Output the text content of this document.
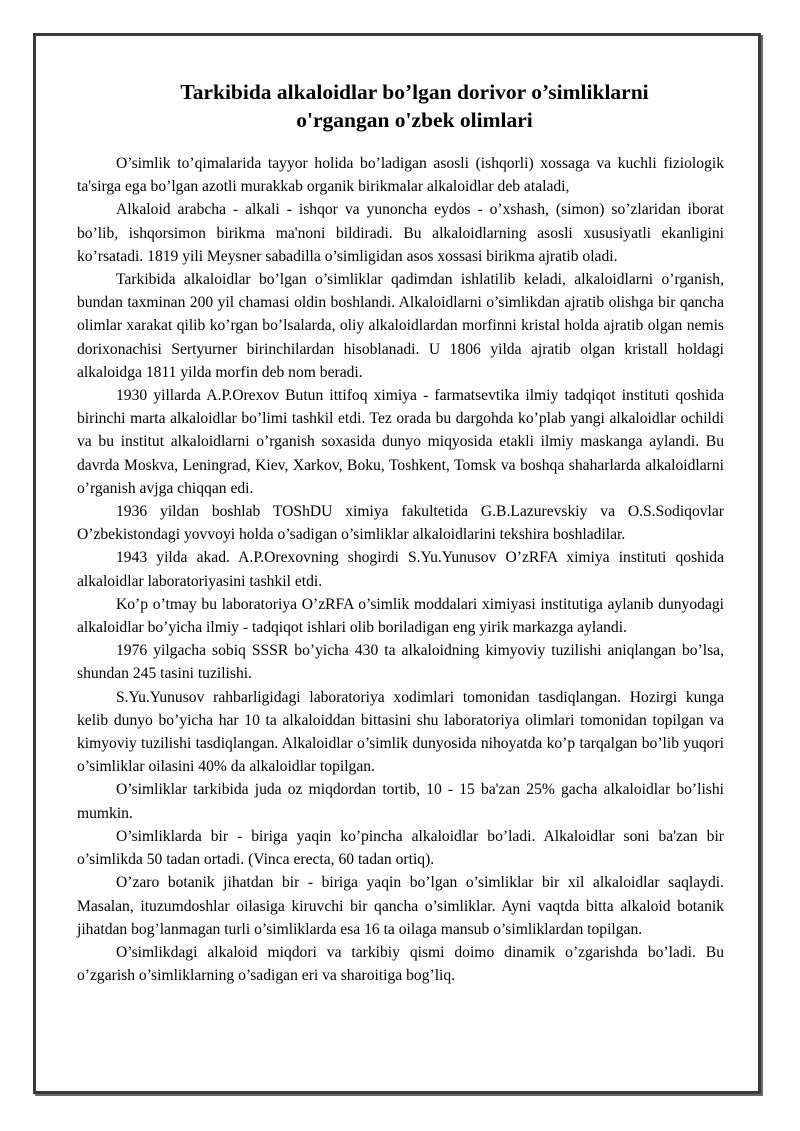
Tarkibida alkaloidlar bo’lgan dorivor o’simliklarni
o'rgangan o'zbek olimlari

O’simlik to’qimalarida tayyor holida bo’ladigan asosli (ishqorli) xossaga va kuchli fiziologik ta'sirga ega bo’lgan azotli murakkab organik birikmalar alkaloidlar deb ataladi,

Alkaloid arabcha - alkali - ishqor va yunoncha eydos - o’xshash, (simon) so’zlaridan iborat bo’lib, ishqorsimon birikma ma'noni bildiradi. Bu alkaloidlarning asosli xususiyatli ekanligini ko’rsatadi. 1819 yili Meysner sabadilla o’simligidan asos xossasi birikma ajratib oladi.

Tarkibida alkaloidlar bo’lgan o’simliklar qadimdan ishlatilib keladi, alkaloidlarni o’rganish, bundan taxminan 200 yil chamasi oldin boshlandi. Alkaloidlarni o’simlikdan ajratib olishga bir qancha olimlar xarakat qilib ko’rgan bo’lsalarda, oliy alkaloidlardan morfinni kristal holda ajratib olgan nemis dorixonachisi Sertyurner birinchilardan hisoblanadi. U 1806 yilda ajratib olgan kristall holdagi alkaloidga 1811 yilda morfin deb nom beradi.

1930 yillarda A.P.Orexov Butun ittifoq ximiya - farmatsevtika ilmiy tadqiqot instituti qoshida birinchi marta alkaloidlar bo’limi tashkil etdi. Tez orada bu dargohda ko’plab yangi alkaloidlar ochildi va bu institut alkaloidlarni o’rganish soxasida dunyo miqyosida etakli ilmiy maskanga aylandi. Bu davrda Moskva, Leningrad, Kiev, Xarkov, Boku, Toshkent, Tomsk va boshqa shaharlarda alkaloidlarni o’rganish avjga chiqqan edi.

1936 yildan boshlab TOShDU ximiya fakultetida G.B.Lazurevskiy va O.S.Sodiqovlar O’zbekistondagi yovvoyi holda o’sadigan o’simliklar alkaloidlarini tekshira boshladilar.

1943 yilda akad. A.P.Orexovning shogirdi S.Yu.Yunusov O’zRFA ximiya instituti qoshida alkaloidlar laboratoriyasini tashkil etdi.

Ko’p o’tmay bu laboratoriya O’zRFA o’simlik moddalari ximiyasi institutiga aylanib dunyodagi alkaloidlar bo’yicha ilmiy - tadqiqot ishlari olib boriladigan eng yirik markazga aylandi.

1976 yilgacha sobiq SSSR bo’yicha 430 ta alkaloidning kimyoviy tuzilishi aniqlangan bo’lsa, shundan 245 tasini tuzilishi.

S.Yu.Yunusov rahbarligidagi laboratoriya xodimlari tomonidan tasdiqlangan. Hozirgi kunga kelib dunyo bo’yicha har 10 ta alkaloiddan bittasini shu laboratoriya olimlari tomonidan topilgan va kimyoviy tuzilishi tasdiqlangan. Alkaloidlar o’simlik dunyosida nihoyatda ko’p tarqalgan bo’lib yuqori o’simliklar oilasini 40% da alkaloidlar topilgan.

O’simliklar tarkibida juda oz miqdordan tortib, 10 - 15 ba'zan 25% gacha alkaloidlar bo’lishi mumkin.

O’simliklarda bir - biriga yaqin ko’pincha alkaloidlar bo’ladi. Alkaloidlar soni ba'zan bir o’simlikda 50 tadan ortadi. (Vinca erecta, 60 tadan ortiq).

O’zaro botanik jihatdan bir - biriga yaqin bo’lgan o’simliklar bir xil alkaloidlar saqlaydi. Masalan, ituzumdoshlar oilasiga kiruvchi bir qancha o’simliklar. Ayni vaqtda bitta alkaloid botanik jihatdan bog’lanmagan turli o’simliklarda esa 16 ta oilaga mansub o’simliklardan topilgan.

O’simlikdagi alkaloid miqdori va tarkibiy qismi doimo dinamik o’zgarishda bo’ladi. Bu o’zgarish o’simliklarning o’sadigan eri va sharoitiga bog’liq.
